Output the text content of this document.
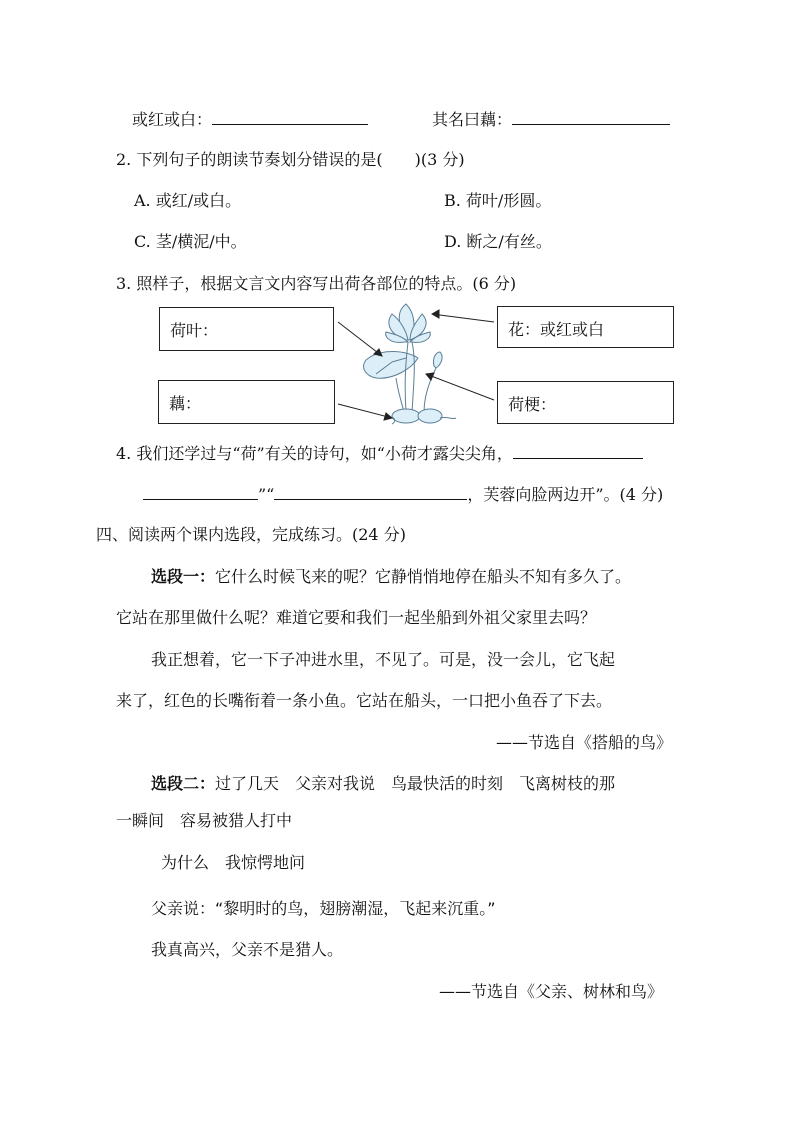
或红或白：	其名曰藕：
2. 下列句子的朗读节奏划分错误的是(　　)(3 分)
A. 或红/或白。	B. 荷叶/形圆。
C. 茎/横泥/中。	D. 断之/有丝。
3. 照样子，根据文言文内容写出荷各部位的特点。(6 分)
荷叶：	花：或红或白
藕：	荷梗：
4. 我们还学过与“荷”有关的诗句，如“小荷才露尖尖角，
”“	，芙蓉向脸两边开”。(4 分)
四、阅读两个课内选段，完成练习。(24 分)
选段一：它什么时候飞来的呢？它静悄悄地停在船头不知有多久了。
它站在那里做什么呢？难道它要和我们一起坐船到外祖父家里去吗？
我正想着，它一下子冲进水里，不见了。可是，没一会儿，它飞起
来了，红色的长嘴衔着一条小鱼。它站在船头，一口把小鱼吞了下去。
——节选自《搭船的鸟》
选段二：过了几天　父亲对我说　鸟最快活的时刻　飞离树枝的那
一瞬间　容易被猎人打中
为什么　我惊愕地问
父亲说：“黎明时的鸟，翅膀潮湿，飞起来沉重。”
我真高兴，父亲不是猎人。
——节选自《父亲、树林和鸟》
